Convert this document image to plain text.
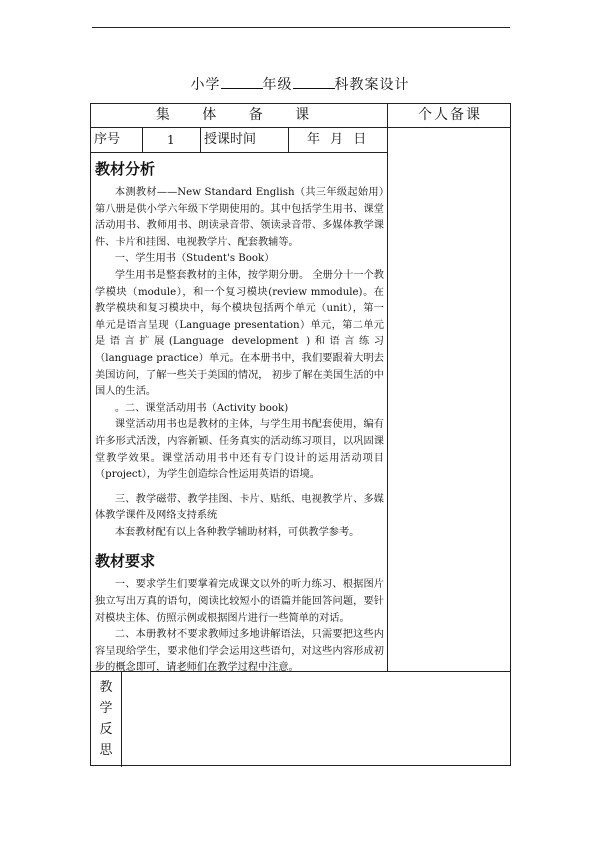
小学	年级	科教案设计
集 体 备 课	个人备课
序号	1	授课时间	年 月 日
教材分析

本测教材——New Standard English（共三年级起始用）第八册是供小学六年级下学期使用的。其中包括学生用书、课堂活动用书、教师用书、朗读录音带、领读录音带、多媒体教学课件、卡片和挂图、电视教学片、配套教辅等。

一、学生用书（Student's Book）

学生用书是整套教材的主体，按学期分册。 全册分十一个教学模块（module），和一个复习模块(review mmodule)。在教学模块和复习模块中，每个模块包括两个单元（unit），第一单元是语言呈现（Language presentation）单元，第二单元是语言扩展(Language development )和语言练习（language practice）单元。在本册书中，我们要跟着大明去美国访问，了解一些关于美国的情况， 初步了解在美国生活的中国人的生活。

。二、课堂活动用书（Activity book)

课堂活动用书也是教材的主体，与学生用书配套使用，编有许多形式活泼，内容新颖、任务真实的活动练习项目，以巩固课堂教学效果。课堂活动用书中还有专门设计的运用活动项目（project），为学生创造综合性运用英语的语境。

三、教学磁带、教学挂图、卡片、贴纸、电视教学片、多媒体教学课件及网络支持系统

本套教材配有以上各种教学辅助材料，可供教学参考。

教材要求

一、要求学生们要掌着完成课文以外的听力练习、根据图片独立写出万真的语句，阅读比较短小的语篇并能回答问题，要针对模块主体、仿照示例或根据图片进行一些简单的对话。

二、本册教材不要求教师过多地讲解语法，只需要把这些内容呈现给学生，要求他们学会运用这些语句，对这些内容形成初步的概念即可，请老师们在教学过程中注意。

教
学
反
思
